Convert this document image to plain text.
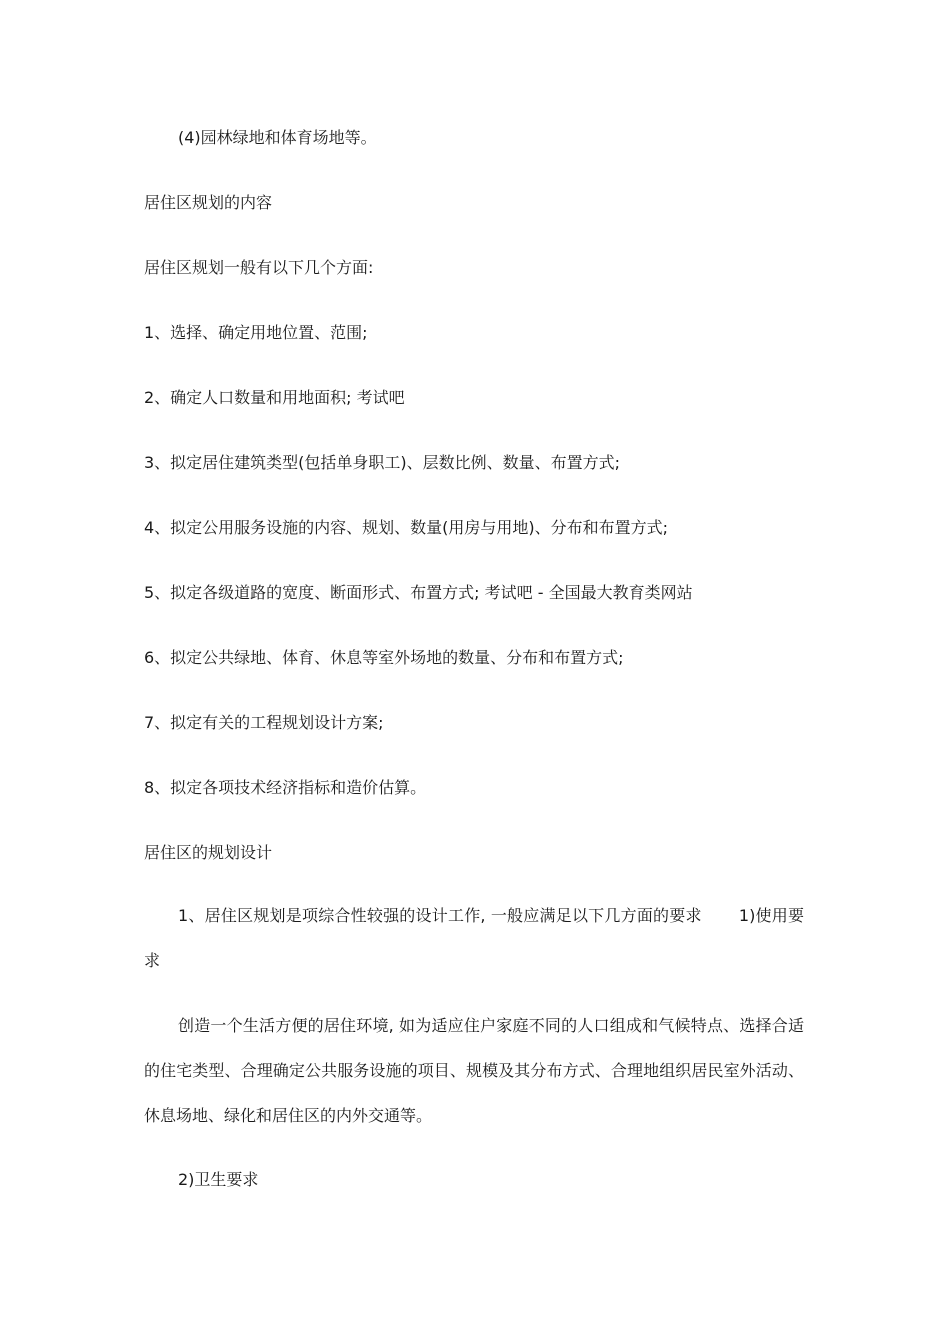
(4)园林绿地和体育场地等。
居住区规划的内容
居住区规划一般有以下几个方面:
1、选择、确定用地位置、范围;
2、确定人口数量和用地面积; 考试吧
3、拟定居住建筑类型(包括单身职工)、层数比例、数量、布置方式;
4、拟定公用服务设施的内容、规划、数量(用房与用地)、分布和布置方式;
5、拟定各级道路的宽度、断面形式、布置方式; 考试吧 - 全国最大教育类网站
6、拟定公共绿地、体育、休息等室外场地的数量、分布和布置方式;
7、拟定有关的工程规划设计方案;
8、拟定各项技术经济指标和造价估算。
居住区的规划设计

1、居住区规划是项综合性较强的设计工作, 一般应满足以下几方面的要求       1)使用要求

创造一个生活方便的居住环境, 如为适应住户家庭不同的人口组成和气候特点、选择合适的住宅类型、合理确定公共服务设施的项目、规模及其分布方式、合理地组织居民室外活动、休息场地、绿化和居住区的内外交通等。

2)卫生要求
